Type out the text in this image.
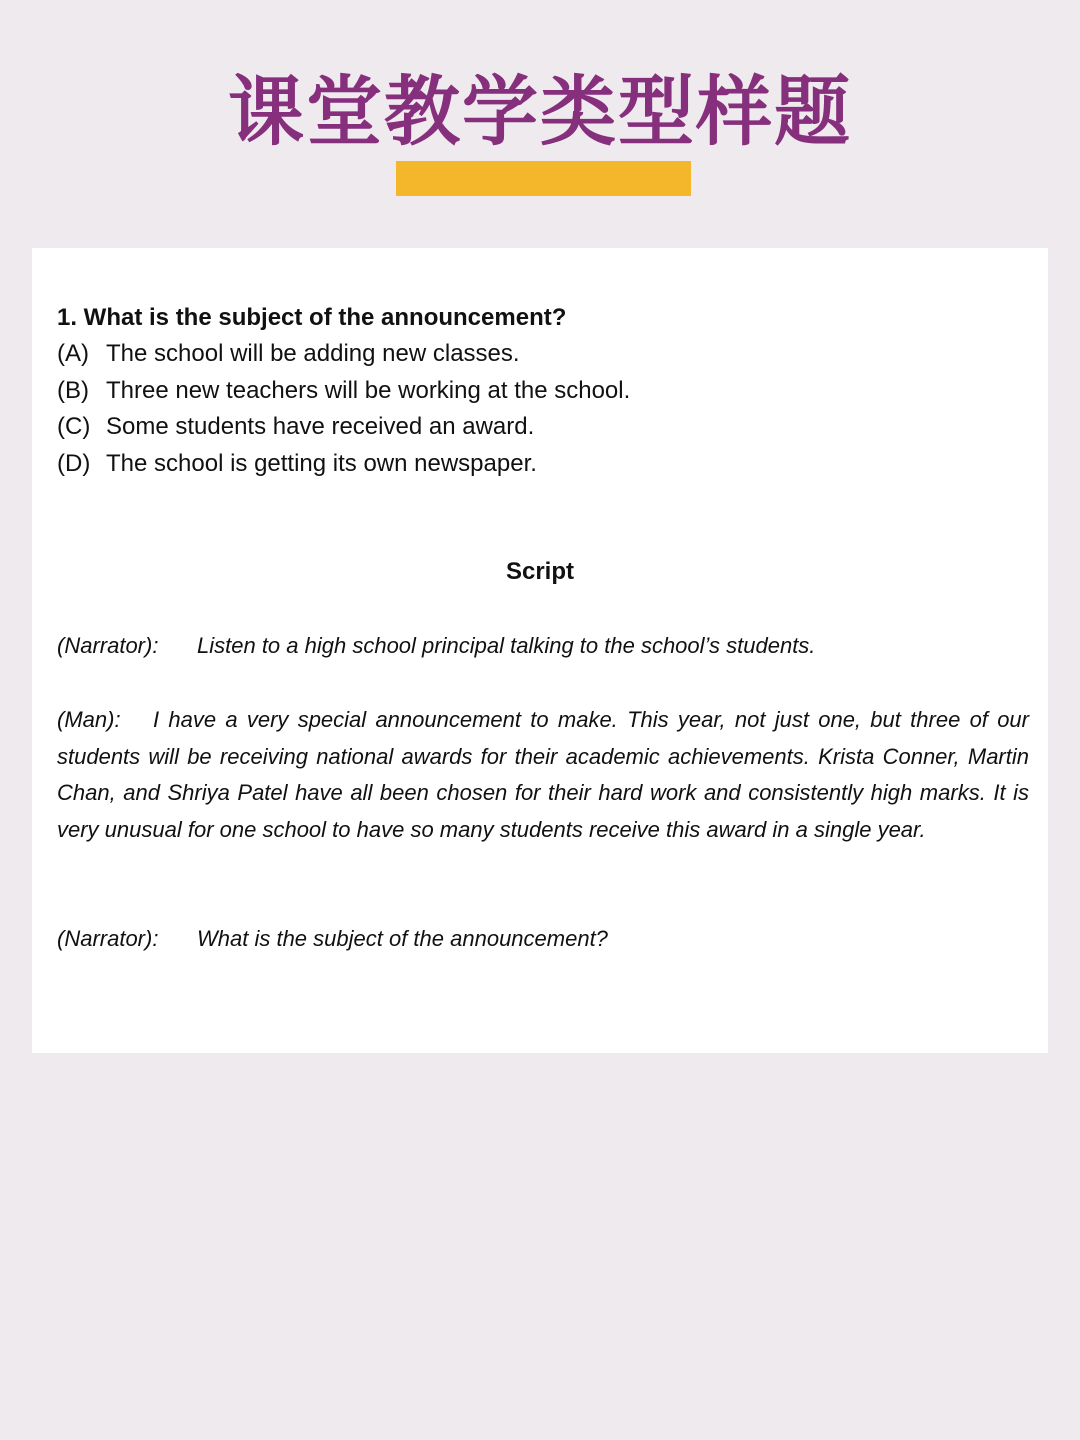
课堂教学类型样题
1. What is the subject of the announcement?
(A) The school will be adding new classes.
(B) Three new teachers will be working at the school.
(C) Some students have received an award.
(D) The school is getting its own newspaper.
Script
(Narrator): Listen to a high school principal talking to the school’s students.
(Man): I have a very special announcement to make. This year, not just one, but three of our students will be receiving national awards for their academic achievements. Krista Conner, Martin Chan, and Shriya Patel have all been chosen for their hard work and consistently high marks. It is very unusual for one school to have so many students receive this award in a single year.
(Narrator): What is the subject of the announcement?
